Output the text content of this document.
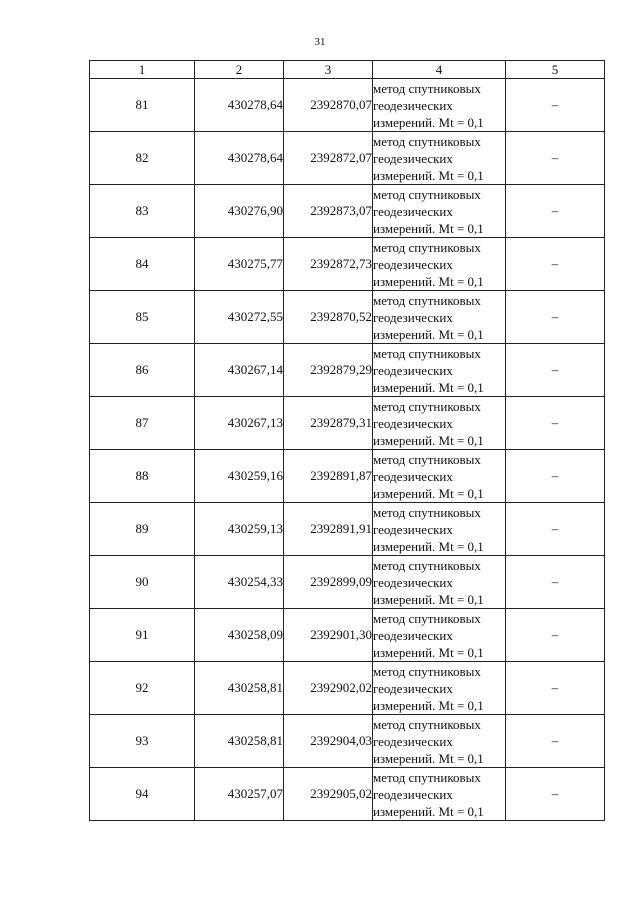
31
1	2	3	4	5
81	430278,64	2392870,07	метод спутниковых
геодезических
измерений. Mt = 0,1	–
82	430278,64	2392872,07	метод спутниковых
геодезических
измерений. Mt = 0,1	–
83	430276,90	2392873,07	метод спутниковых
геодезических
измерений. Mt = 0,1	–
84	430275,77	2392872,73	метод спутниковых
геодезических
измерений. Mt = 0,1	–
85	430272,55	2392870,52	метод спутниковых
геодезических
измерений. Mt = 0,1	–
86	430267,14	2392879,29	метод спутниковых
геодезических
измерений. Mt = 0,1	–
87	430267,13	2392879,31	метод спутниковых
геодезических
измерений. Mt = 0,1	–
88	430259,16	2392891,87	метод спутниковых
геодезических
измерений. Mt = 0,1	–
89	430259,13	2392891,91	метод спутниковых
геодезических
измерений. Mt = 0,1	–
90	430254,33	2392899,09	метод спутниковых
геодезических
измерений. Mt = 0,1	–
91	430258,09	2392901,30	метод спутниковых
геодезических
измерений. Mt = 0,1	–
92	430258,81	2392902,02	метод спутниковых
геодезических
измерений. Mt = 0,1	–
93	430258,81	2392904,03	метод спутниковых
геодезических
измерений. Mt = 0,1	–
94	430257,07	2392905,02	метод спутниковых
геодезических
измерений. Mt = 0,1	–
